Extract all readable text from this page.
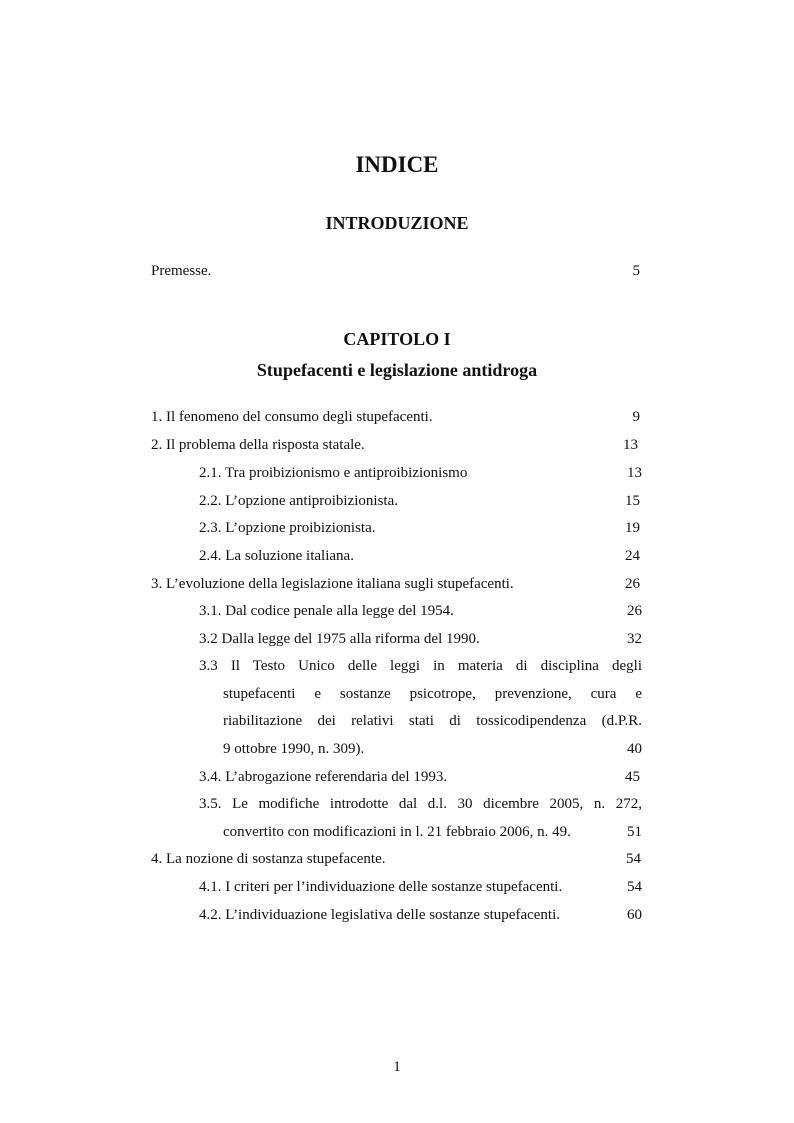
INDICE
INTRODUZIONE
Premesse.	5
CAPITOLO I
Stupefacenti e legislazione antidroga
1. Il fenomeno del consumo degli stupefacenti.	9
2. Il problema della risposta statale.	13
2.1. Tra proibizionismo e antiproibizionismo	13
2.2. L’opzione antiproibizionista.	15
2.3. L’opzione proibizionista.	19
2.4. La soluzione italiana.	24
3. L’evoluzione della legislazione italiana sugli stupefacenti.	26
3.1. Dal codice penale alla legge del 1954.	26
3.2 Dalla legge del 1975 alla riforma del 1990.	32
3.3 Il Testo Unico delle leggi in materia di disciplina degli
stupefacenti e sostanze psicotrope, prevenzione, cura e
riabilitazione dei relativi stati di tossicodipendenza (d.P.R.
9 ottobre 1990, n. 309).	40
3.4. L’abrogazione referendaria del 1993.	45
3.5. Le modifiche introdotte dal d.l. 30 dicembre 2005, n. 272,
convertito con modificazioni in l. 21 febbraio 2006, n. 49.	51
4. La nozione di sostanza stupefacente.	54
4.1. I criteri per l’individuazione delle sostanze stupefacenti.	54
4.2. L’individuazione legislativa delle sostanze stupefacenti.	60
1
